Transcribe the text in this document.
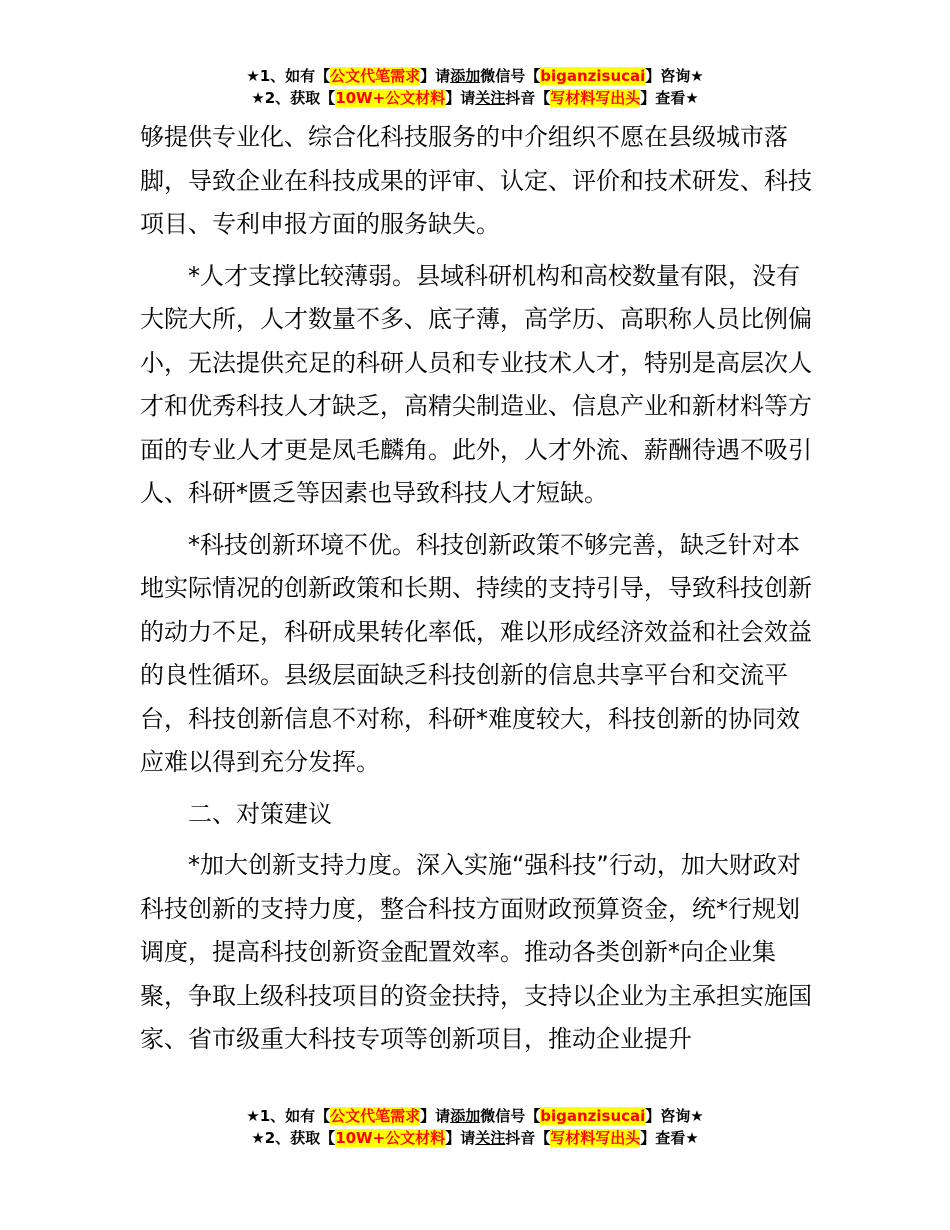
★1、如有【公文代笔需求】请添加微信号【biganzisucai】咨询★
★2、获取【10W+公文材料】请关注抖音【写材料写出头】查看★

够提供专业化、综合化科技服务的中介组织不愿在县级城市落脚，导致企业在科技成果的评审、认定、评价和技术研发、科技项目、专利申报方面的服务缺失。

*人才支撑比较薄弱。县域科研机构和高校数量有限，没有大院大所，人才数量不多、底子薄，高学历、高职称人员比例偏小，无法提供充足的科研人员和专业技术人才，特别是高层次人才和优秀科技人才缺乏，高精尖制造业、信息产业和新材料等方面的专业人才更是凤毛麟角。此外，人才外流、薪酬待遇不吸引人、科研*匮乏等因素也导致科技人才短缺。

*科技创新环境不优。科技创新政策不够完善，缺乏针对本地实际情况的创新政策和长期、持续的支持引导，导致科技创新的动力不足，科研成果转化率低，难以形成经济效益和社会效益的良性循环。县级层面缺乏科技创新的信息共享平台和交流平台，科技创新信息不对称，科研*难度较大，科技创新的协同效应难以得到充分发挥。

二、对策建议

*加大创新支持力度。深入实施“强科技”行动，加大财政对科技创新的支持力度，整合科技方面财政预算资金，统*行规划调度，提高科技创新资金配置效率。推动各类创新*向企业集聚，争取上级科技项目的资金扶持，支持以企业为主承担实施国家、省市级重大科技专项等创新项目，推动企业提升

★1、如有【公文代笔需求】请添加微信号【biganzisucai】咨询★
★2、获取【10W+公文材料】请关注抖音【写材料写出头】查看★
